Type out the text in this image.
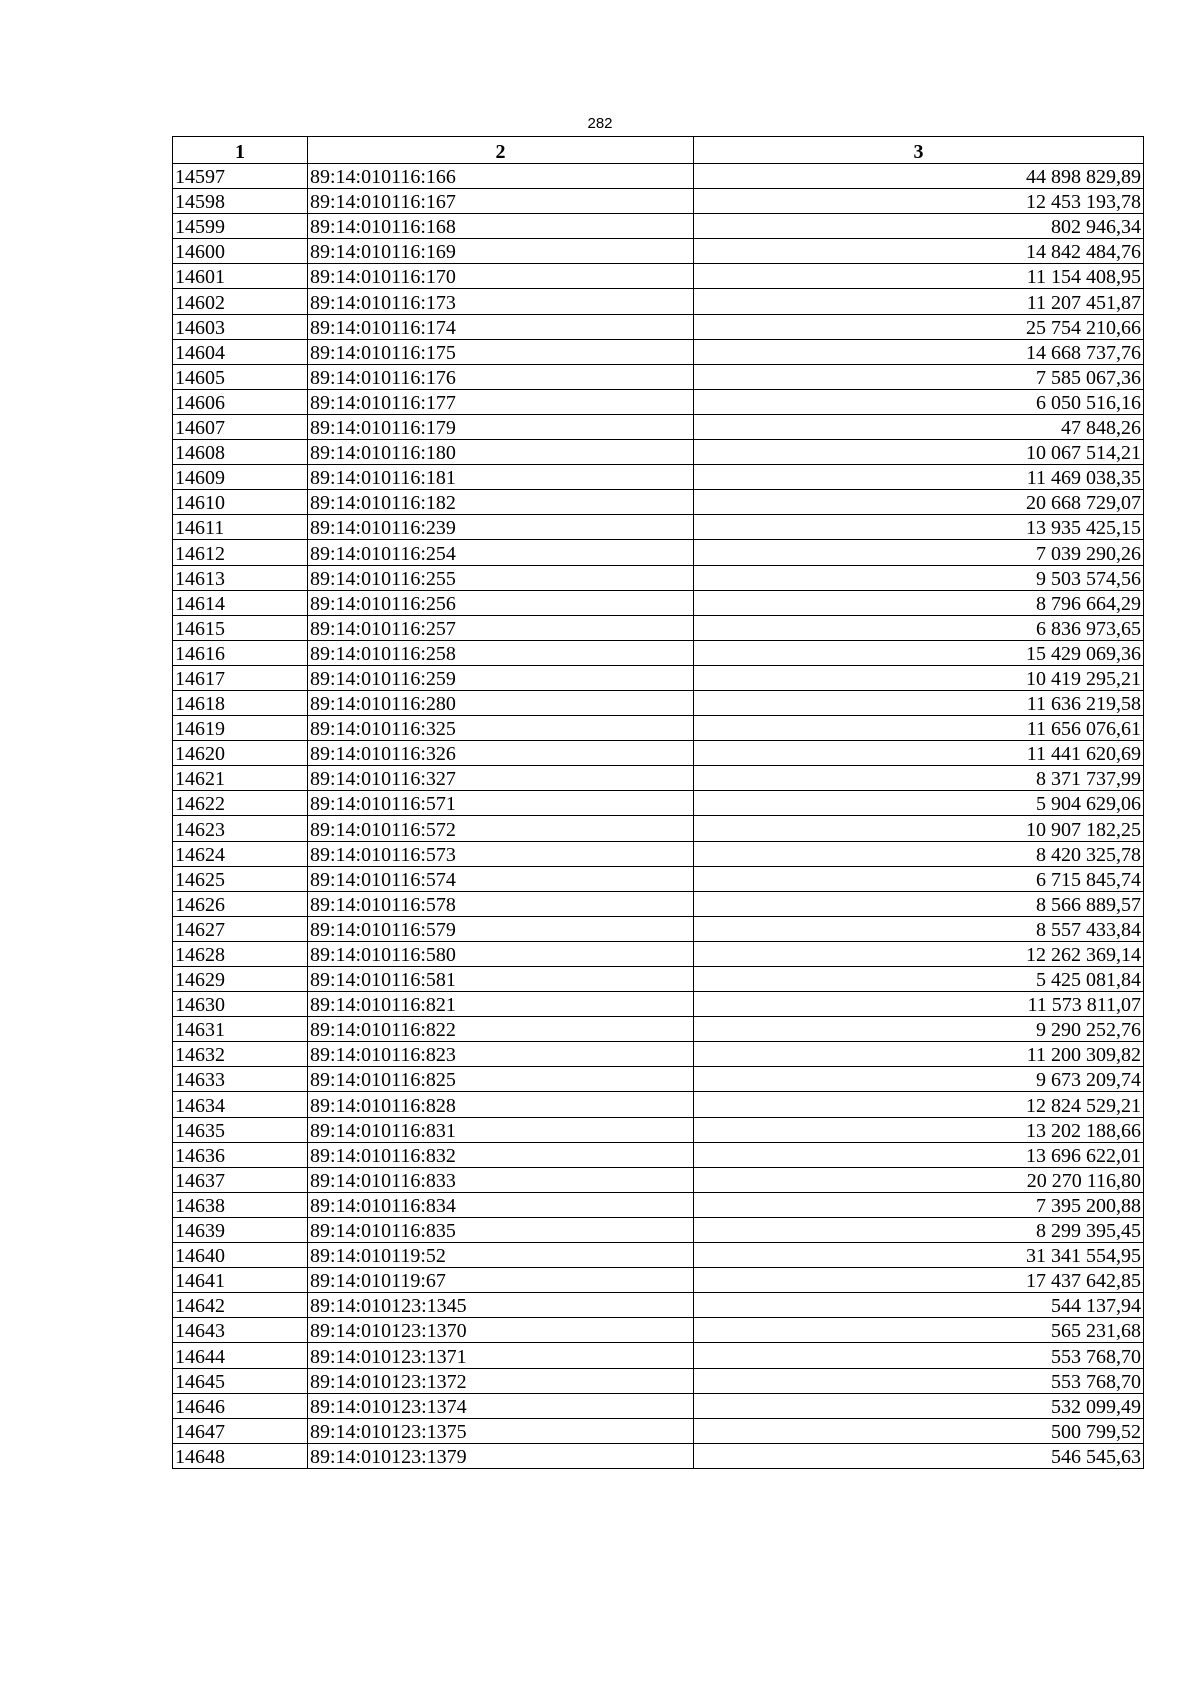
282
1	2	3
14597	89:14:010116:166	44 898 829,89
14598	89:14:010116:167	12 453 193,78
14599	89:14:010116:168	802 946,34
14600	89:14:010116:169	14 842 484,76
14601	89:14:010116:170	11 154 408,95
14602	89:14:010116:173	11 207 451,87
14603	89:14:010116:174	25 754 210,66
14604	89:14:010116:175	14 668 737,76
14605	89:14:010116:176	7 585 067,36
14606	89:14:010116:177	6 050 516,16
14607	89:14:010116:179	47 848,26
14608	89:14:010116:180	10 067 514,21
14609	89:14:010116:181	11 469 038,35
14610	89:14:010116:182	20 668 729,07
14611	89:14:010116:239	13 935 425,15
14612	89:14:010116:254	7 039 290,26
14613	89:14:010116:255	9 503 574,56
14614	89:14:010116:256	8 796 664,29
14615	89:14:010116:257	6 836 973,65
14616	89:14:010116:258	15 429 069,36
14617	89:14:010116:259	10 419 295,21
14618	89:14:010116:280	11 636 219,58
14619	89:14:010116:325	11 656 076,61
14620	89:14:010116:326	11 441 620,69
14621	89:14:010116:327	8 371 737,99
14622	89:14:010116:571	5 904 629,06
14623	89:14:010116:572	10 907 182,25
14624	89:14:010116:573	8 420 325,78
14625	89:14:010116:574	6 715 845,74
14626	89:14:010116:578	8 566 889,57
14627	89:14:010116:579	8 557 433,84
14628	89:14:010116:580	12 262 369,14
14629	89:14:010116:581	5 425 081,84
14630	89:14:010116:821	11 573 811,07
14631	89:14:010116:822	9 290 252,76
14632	89:14:010116:823	11 200 309,82
14633	89:14:010116:825	9 673 209,74
14634	89:14:010116:828	12 824 529,21
14635	89:14:010116:831	13 202 188,66
14636	89:14:010116:832	13 696 622,01
14637	89:14:010116:833	20 270 116,80
14638	89:14:010116:834	7 395 200,88
14639	89:14:010116:835	8 299 395,45
14640	89:14:010119:52	31 341 554,95
14641	89:14:010119:67	17 437 642,85
14642	89:14:010123:1345	544 137,94
14643	89:14:010123:1370	565 231,68
14644	89:14:010123:1371	553 768,70
14645	89:14:010123:1372	553 768,70
14646	89:14:010123:1374	532 099,49
14647	89:14:010123:1375	500 799,52
14648	89:14:010123:1379	546 545,63
